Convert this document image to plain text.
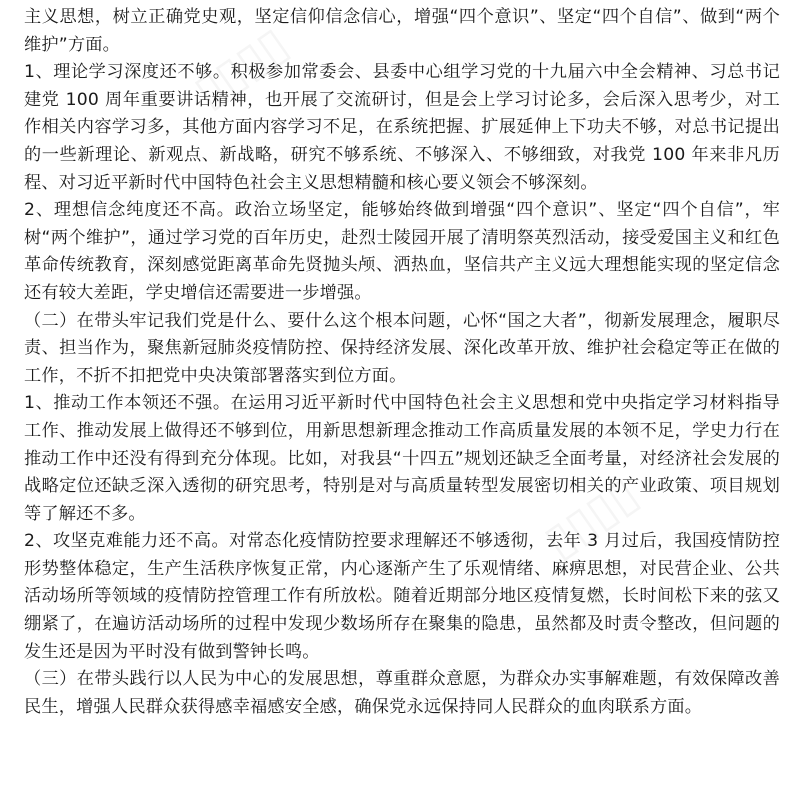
▯▯▯▯
▯▯▯▯

主义思想，树立正确党史观，坚定信仰信念信心，增强“四个意识”、坚定“四个自信”、做到“两个维护”方面。

1、理论学习深度还不够。积极参加常委会、县委中心组学习党的十九届六中全会精神、习总书记建党 100 周年重要讲话精神，也开展了交流研讨，但是会上学习讨论多，会后深入思考少，对工作相关内容学习多，其他方面内容学习不足，在系统把握、扩展延伸上下功夫不够，对总书记提出的一些新理论、新观点、新战略，研究不够系统、不够深入、不够细致，对我党 100 年来非凡历程、对习近平新时代中国特色社会主义思想精髓和核心要义领会不够深刻。

2、理想信念纯度还不高。政治立场坚定，能够始终做到增强“四个意识”、坚定“四个自信”，牢树“两个维护”，通过学习党的百年历史，赴烈士陵园开展了清明祭英烈活动，接受爱国主义和红色革命传统教育，深刻感觉距离革命先贤抛头颅、洒热血，坚信共产主义远大理想能实现的坚定信念还有较大差距，学史增信还需要进一步增强。

（二）在带头牢记我们党是什么、要什么这个根本问题，心怀“国之大者”，彻新发展理念，履职尽责、担当作为，聚焦新冠肺炎疫情防控、保持经济发展、深化改革开放、维护社会稳定等正在做的工作，不折不扣把党中央决策部署落实到位方面。

1、推动工作本领还不强。在运用习近平新时代中国特色社会主义思想和党中央指定学习材料指导工作、推动发展上做得还不够到位，用新思想新理念推动工作高质量发展的本领不足，学史力行在推动工作中还没有得到充分体现。比如，对我县“十四五”规划还缺乏全面考量，对经济社会发展的战略定位还缺乏深入透彻的研究思考，特别是对与高质量转型发展密切相关的产业政策、项目规划等了解还不多。

2、攻坚克难能力还不高。对常态化疫情防控要求理解还不够透彻，去年 3 月过后，我国疫情防控形势整体稳定，生产生活秩序恢复正常，内心逐渐产生了乐观情绪、麻痹思想，对民营企业、公共活动场所等领域的疫情防控管理工作有所放松。随着近期部分地区疫情复燃，长时间松下来的弦又绷紧了，在遍访活动场所的过程中发现少数场所存在聚集的隐患，虽然都及时责令整改，但问题的发生还是因为平时没有做到警钟长鸣。

（三）在带头践行以人民为中心的发展思想，尊重群众意愿，为群众办实事解难题，有效保障改善民生，增强人民群众获得感幸福感安全感，确保党永远保持同人民群众的血肉联系方面。
